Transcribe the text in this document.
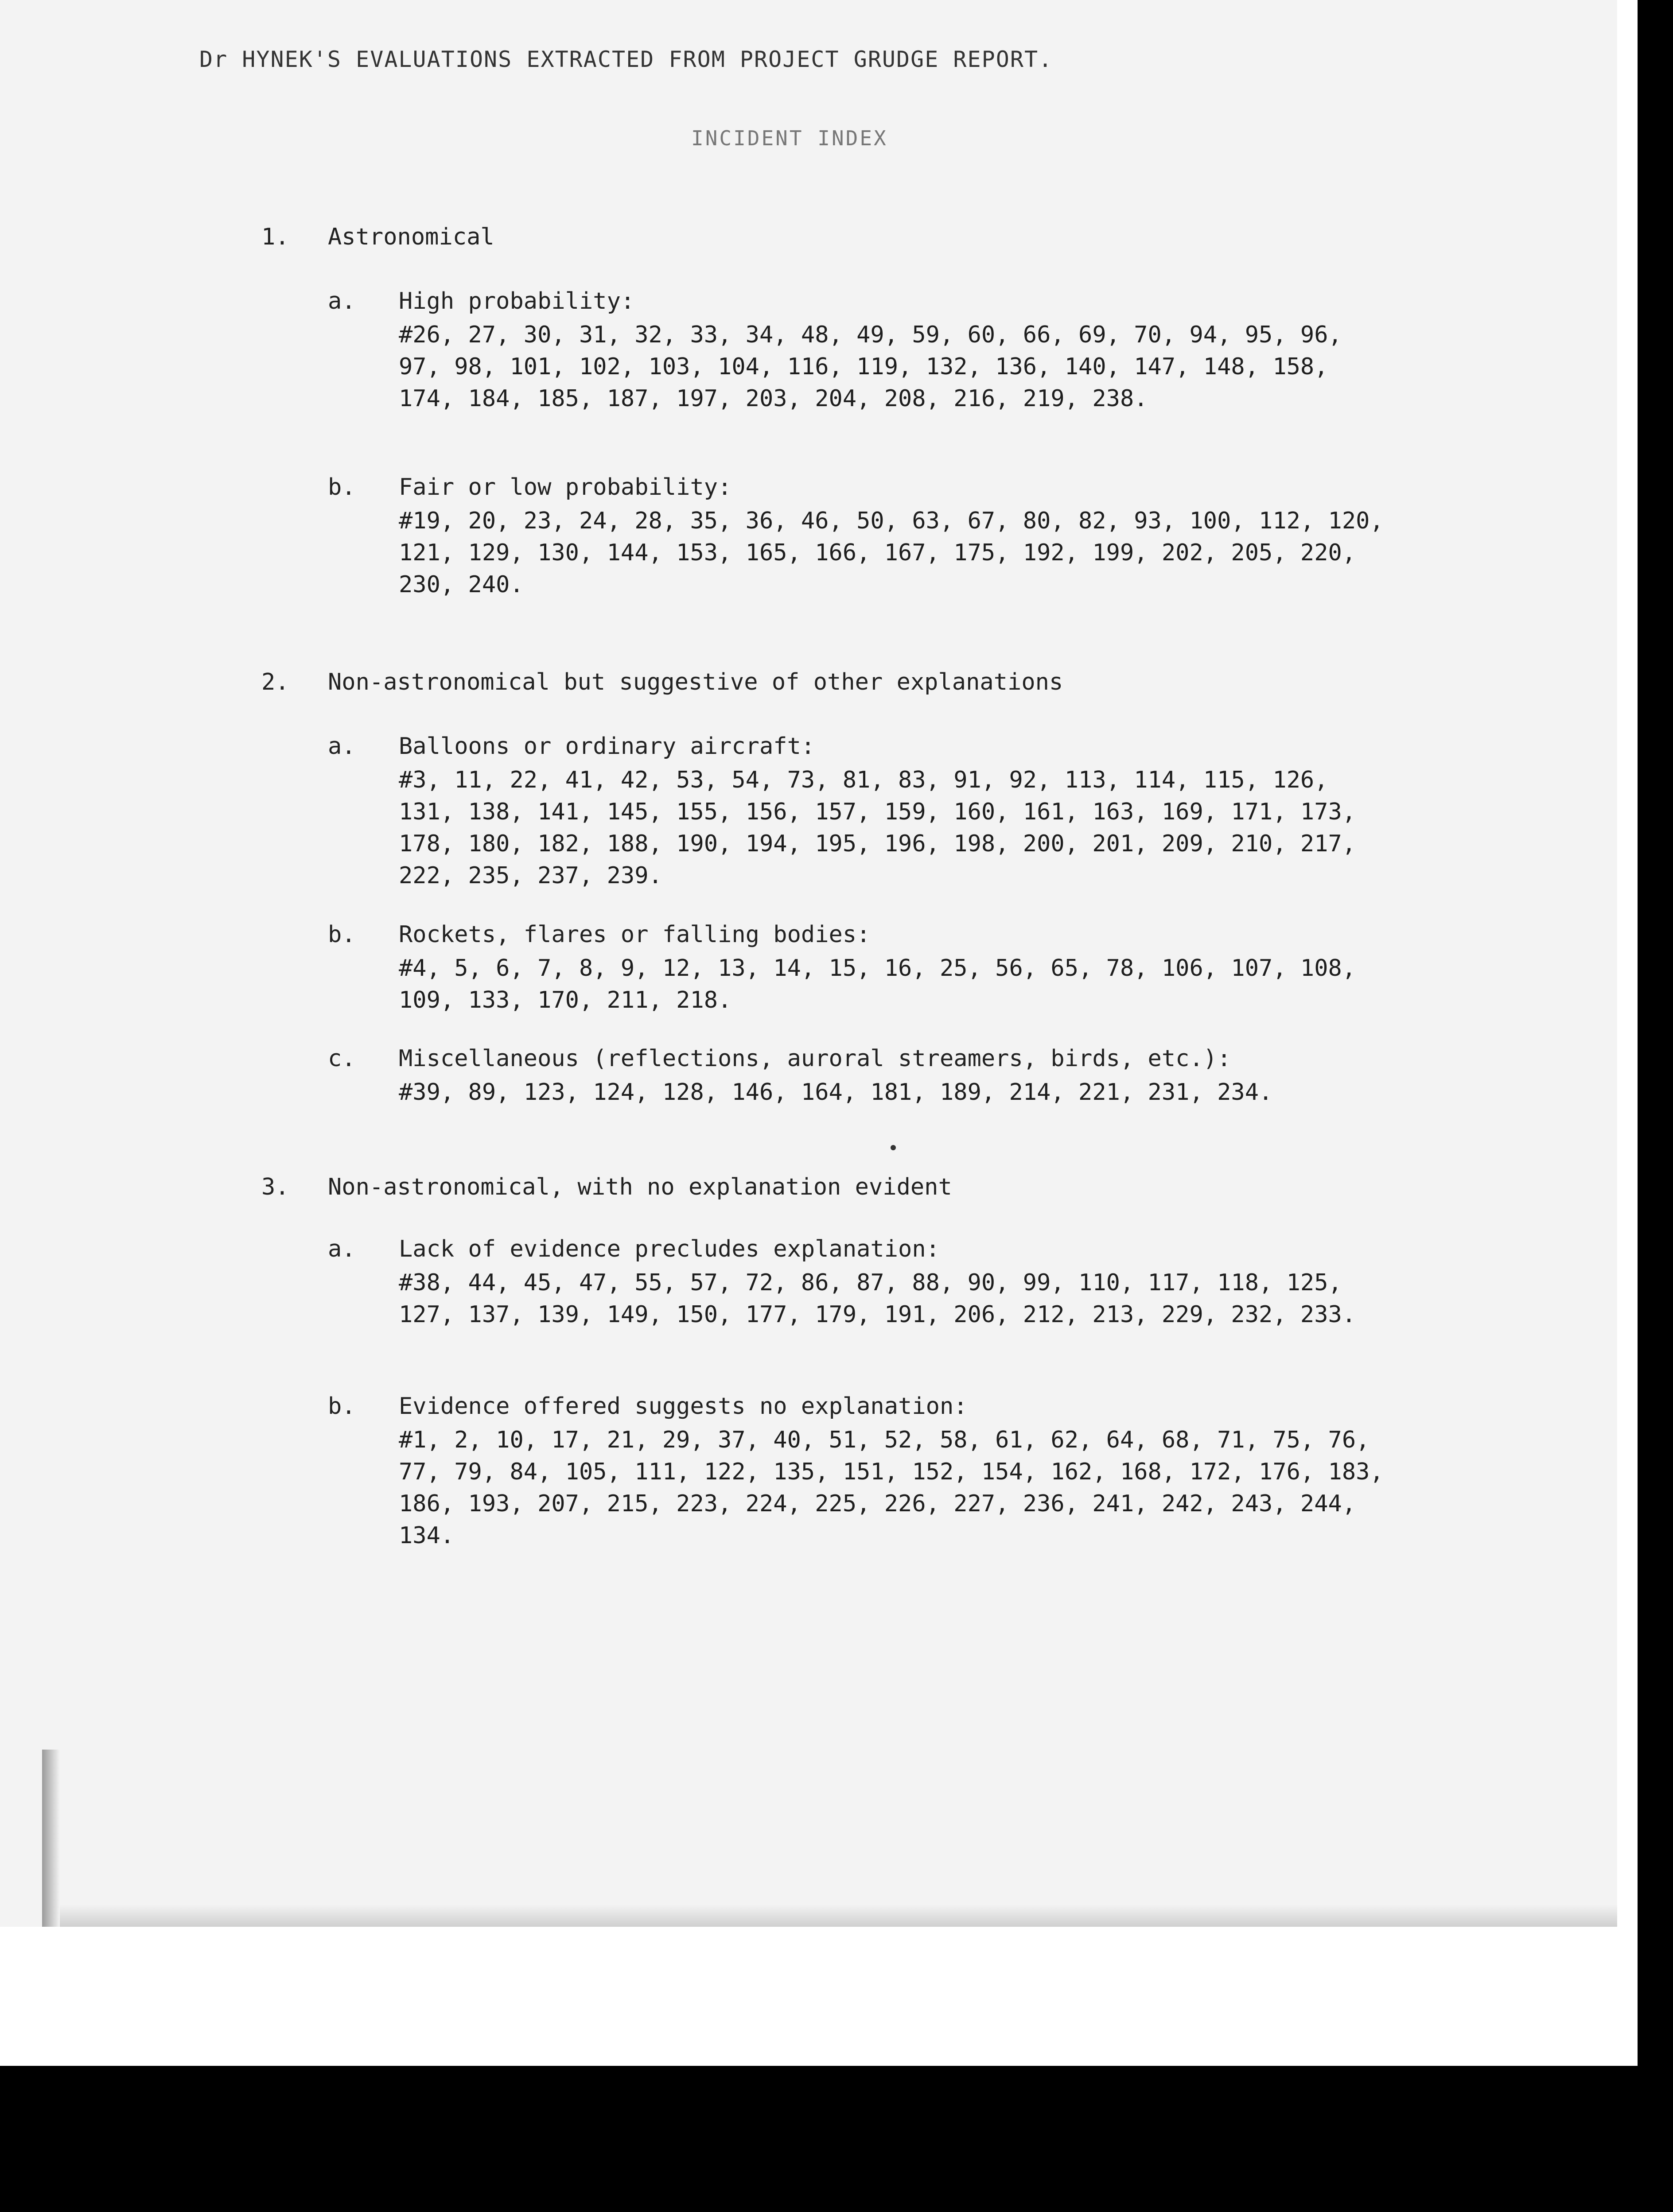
Dr HYNEK'S EVALUATIONS EXTRACTED FROM PROJECT GRUDGE REPORT.
INCIDENT INDEX
1. Astronomical
a. High probability:
#26, 27, 30, 31, 32, 33, 34, 48, 49, 59, 60, 66, 69, 70, 94, 95, 96, 97, 98, 101, 102, 103, 104, 116, 119, 132, 136, 140, 147, 148, 158, 174, 184, 185, 187, 197, 203, 204, 208, 216, 219, 238.
b. Fair or low probability:
#19, 20, 23, 24, 28, 35, 36, 46, 50, 63, 67, 80, 82, 93, 100, 112, 120, 121, 129, 130, 144, 153, 165, 166, 167, 175, 192, 199, 202, 205, 220, 230, 240.
2. Non-astronomical but suggestive of other explanations
a. Balloons or ordinary aircraft:
#3, 11, 22, 41, 42, 53, 54, 73, 81, 83, 91, 92, 113, 114, 115, 126, 131, 138, 141, 145, 155, 156, 157, 159, 160, 161, 163, 169, 171, 173, 178, 180, 182, 188, 190, 194, 195, 196, 198, 200, 201, 209, 210, 217, 222, 235, 237, 239.
b. Rockets, flares or falling bodies:
#4, 5, 6, 7, 8, 9, 12, 13, 14, 15, 16, 25, 56, 65, 78, 106, 107, 108, 109, 133, 170, 211, 218.
c. Miscellaneous (reflections, auroral streamers, birds, etc.):
#39, 89, 123, 124, 128, 146, 164, 181, 189, 214, 221, 231, 234.
3. Non-astronomical, with no explanation evident
a. Lack of evidence precludes explanation:
#38, 44, 45, 47, 55, 57, 72, 86, 87, 88, 90, 99, 110, 117, 118, 125, 127, 137, 139, 149, 150, 177, 179, 191, 206, 212, 213, 229, 232, 233.
b. Evidence offered suggests no explanation:
#1, 2, 10, 17, 21, 29, 37, 40, 51, 52, 58, 61, 62, 64, 68, 71, 75, 76, 77, 79, 84, 105, 111, 122, 135, 151, 152, 154, 162, 168, 172, 176, 183, 186, 193, 207, 215, 223, 224, 225, 226, 227, 236, 241, 242, 243, 244, 134.
